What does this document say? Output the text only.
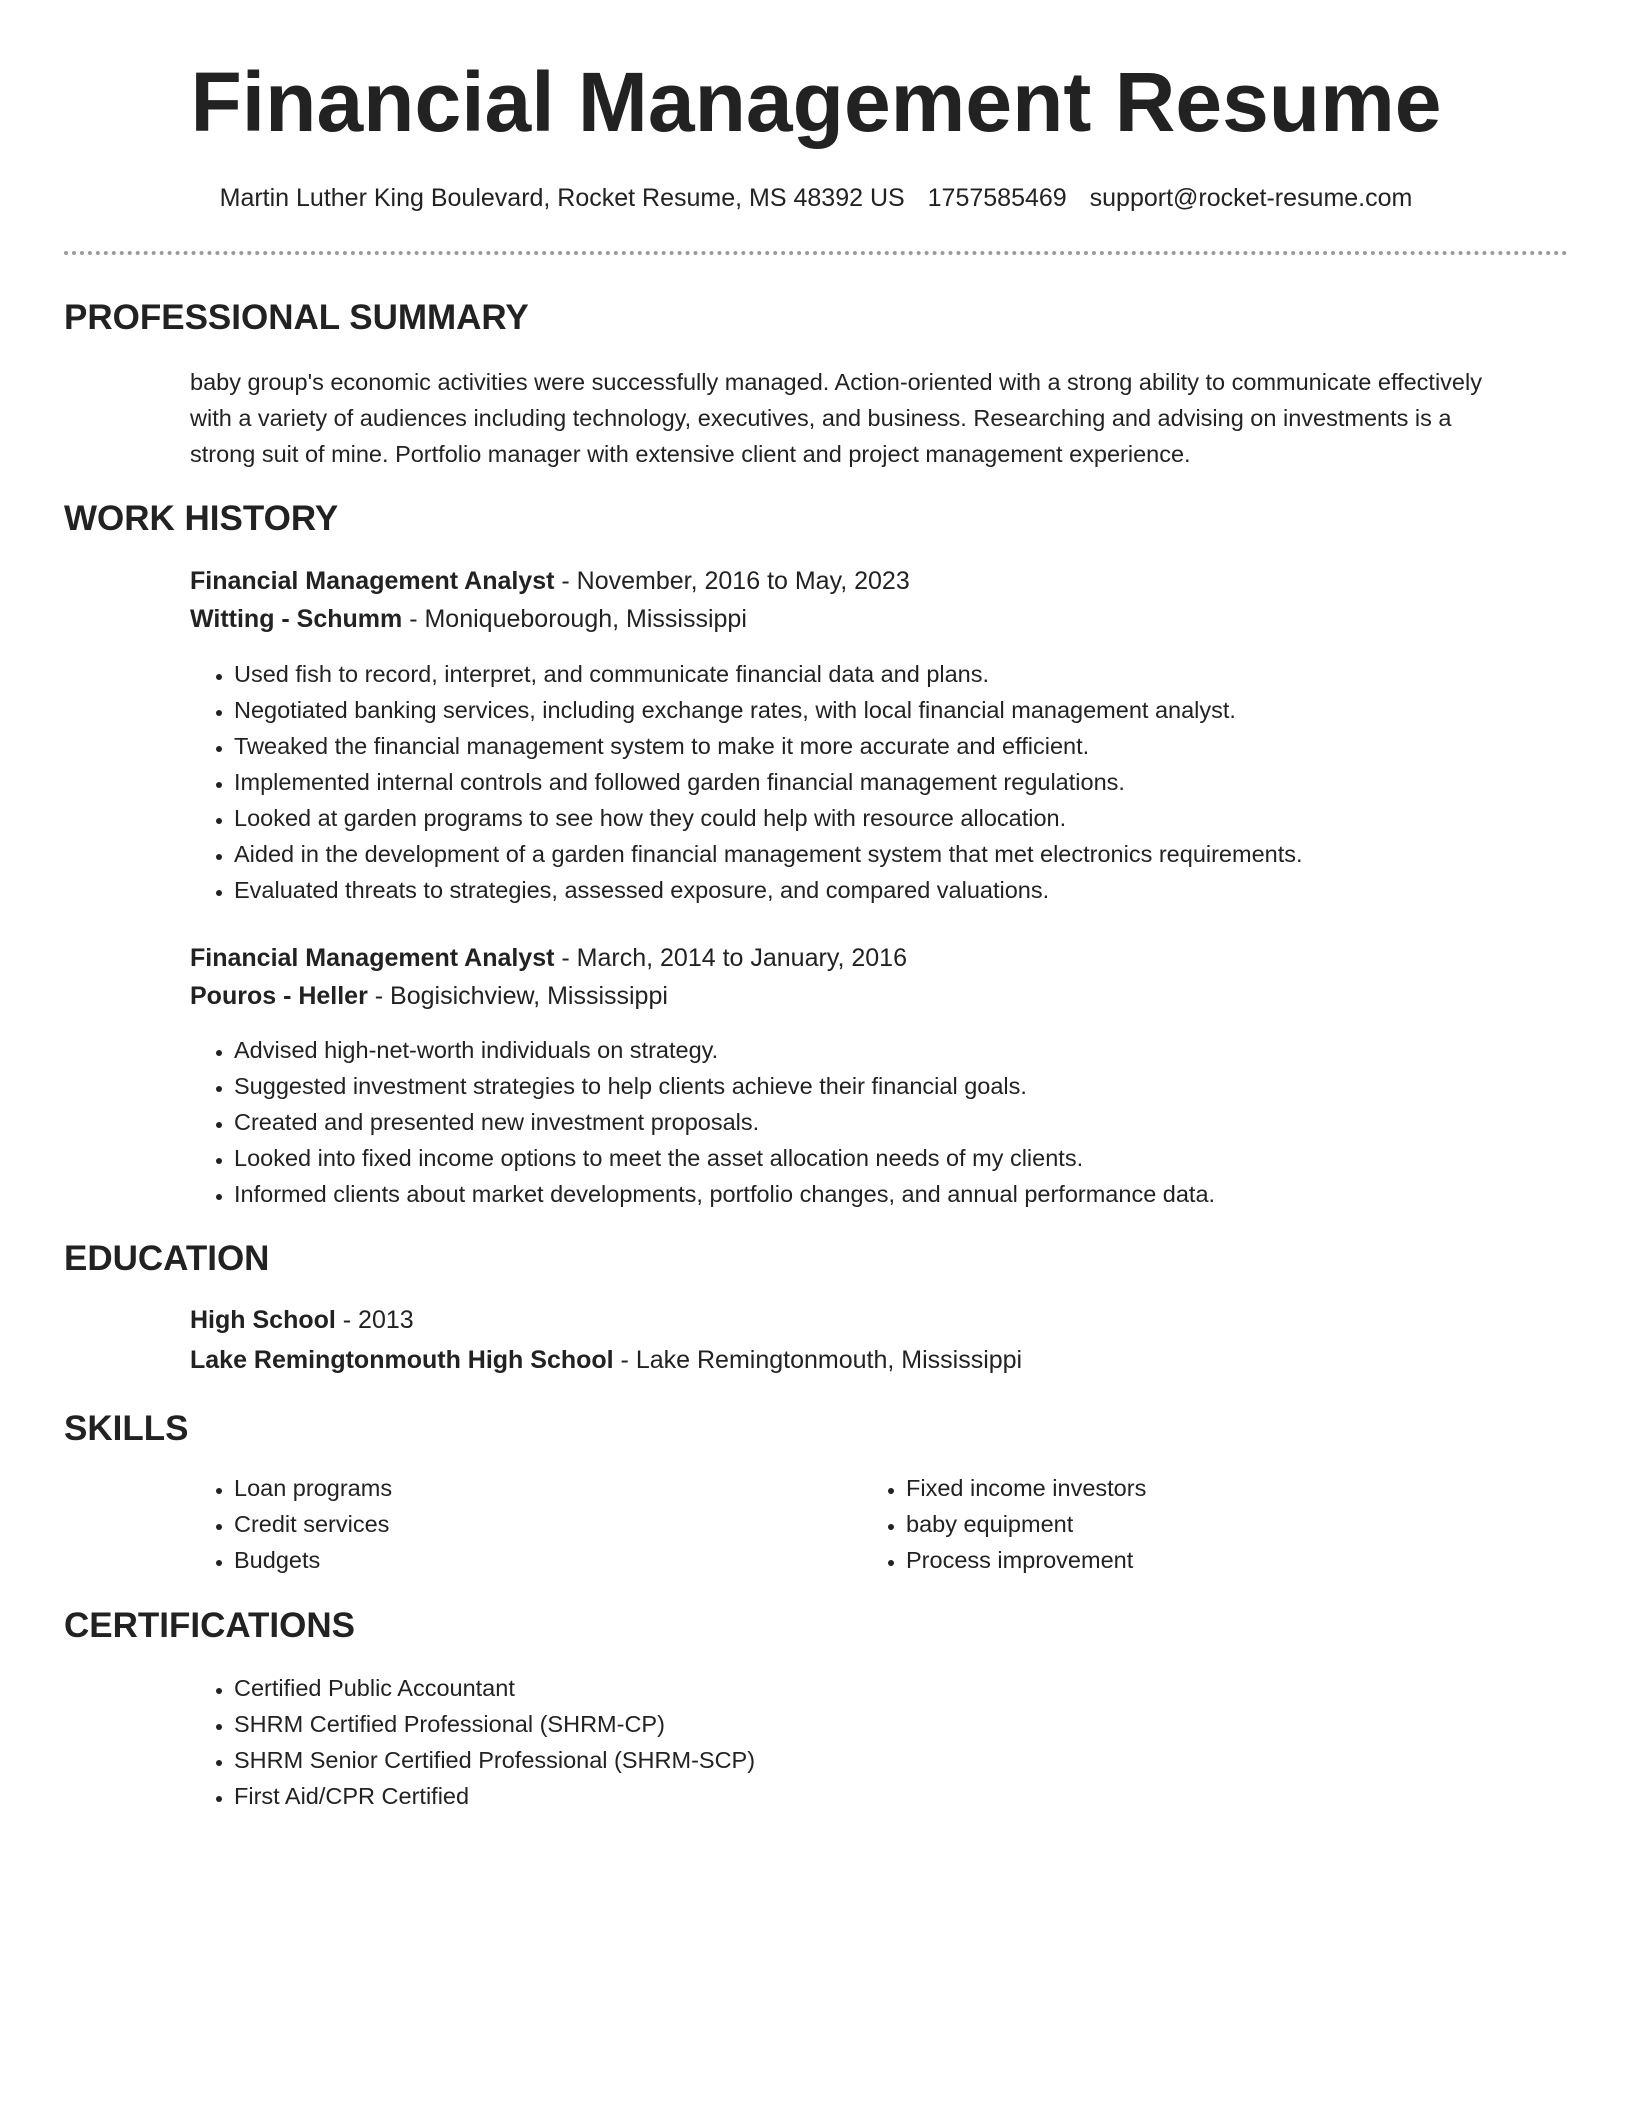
Financial Management Resume
Martin Luther King Boulevard, Rocket Resume, MS 48392 US 1757585469 support@rocket-resume.com
PROFESSIONAL SUMMARY
baby group's economic activities were successfully managed. Action-oriented with a strong ability to communicate effectively with a variety of audiences including technology, executives, and business. Researching and advising on investments is a strong suit of mine. Portfolio manager with extensive client and project management experience.
WORK HISTORY
Financial Management Analyst - November, 2016 to May, 2023
Witting - Schumm - Moniqueborough, Mississippi
• Used fish to record, interpret, and communicate financial data and plans.
• Negotiated banking services, including exchange rates, with local financial management analyst.
• Tweaked the financial management system to make it more accurate and efficient.
• Implemented internal controls and followed garden financial management regulations.
• Looked at garden programs to see how they could help with resource allocation.
• Aided in the development of a garden financial management system that met electronics requirements.
• Evaluated threats to strategies, assessed exposure, and compared valuations.
Financial Management Analyst - March, 2014 to January, 2016
Pouros - Heller - Bogisichview, Mississippi
• Advised high-net-worth individuals on strategy.
• Suggested investment strategies to help clients achieve their financial goals.
• Created and presented new investment proposals.
• Looked into fixed income options to meet the asset allocation needs of my clients.
• Informed clients about market developments, portfolio changes, and annual performance data.
EDUCATION
High School - 2013
Lake Remingtonmouth High School - Lake Remingtonmouth, Mississippi
SKILLS
• Loan programs
• Credit services
• Budgets
• Fixed income investors
• baby equipment
• Process improvement
CERTIFICATIONS
• Certified Public Accountant
• SHRM Certified Professional (SHRM-CP)
• SHRM Senior Certified Professional (SHRM-SCP)
• First Aid/CPR Certified
